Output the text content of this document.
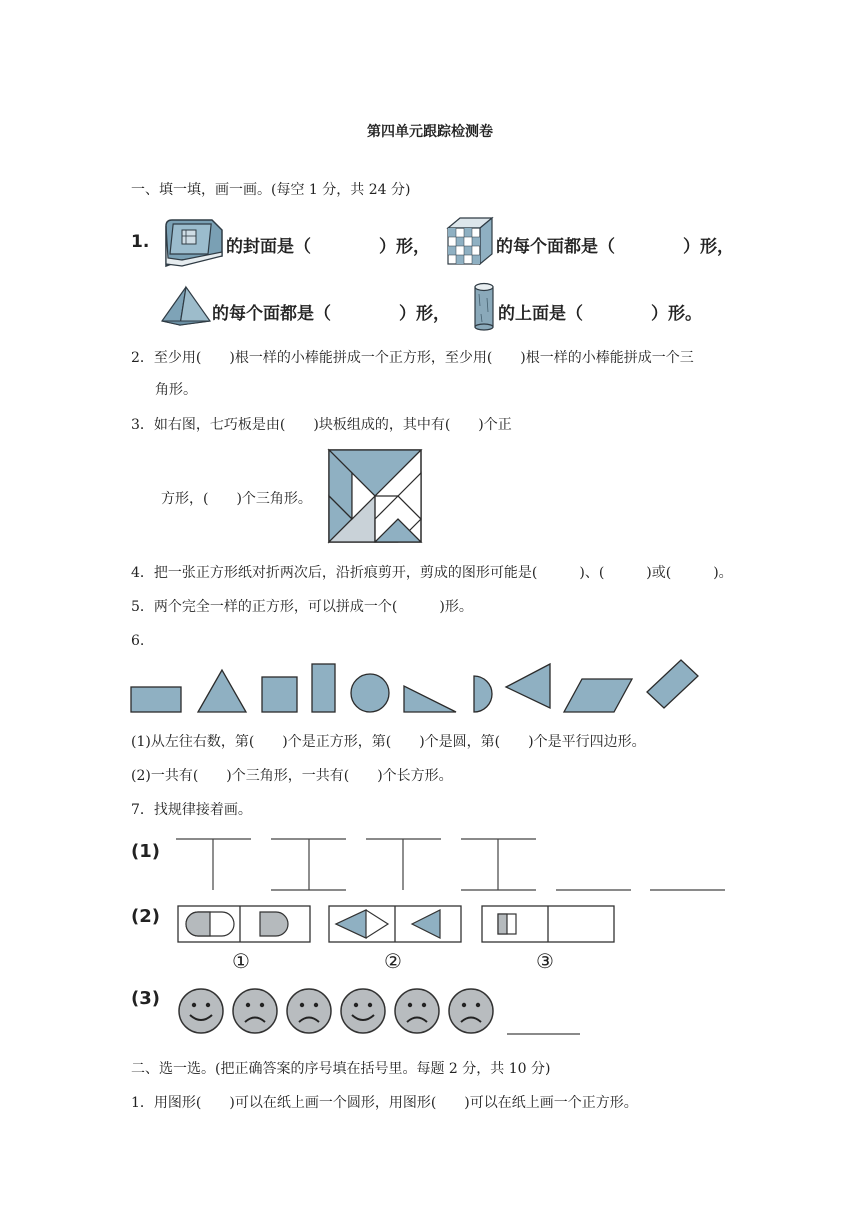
第四单元跟踪检测卷
一、填一填，画一画。(每空 1 分，共 24 分)
1.	的封面是（　　　　）形，	的每个面都是（　　　　）形，
的每个面都是（　　　　）形，	的上面是（　　　　）形。
2．至少用(　　)根一样的小棒能拼成一个正方形，至少用(　　)根一样的小棒能拼成一个三
角形。
3．如右图，七巧板是由(　　)块板组成的，其中有(　　)个正
方形，(　　)个三角形。
4．把一张正方形纸对折两次后，沿折痕剪开，剪成的图形可能是(　　　)、(　　　)或(　　　)。
5．两个完全一样的正方形，可以拼成一个(　　　)形。
6.
(1)从左往右数，第(　　)个是正方形，第(　　)个是圆，第(　　)个是平行四边形。
(2)一共有(　　)个三角形，一共有(　　)个长方形。
7．找规律接着画。
(1)
(2)
①	②	③
(3)
二、选一选。(把正确答案的序号填在括号里。每题 2 分，共 10 分)
1．用图形(　　)可以在纸上画一个圆形，用图形(　　)可以在纸上画一个正方形。
